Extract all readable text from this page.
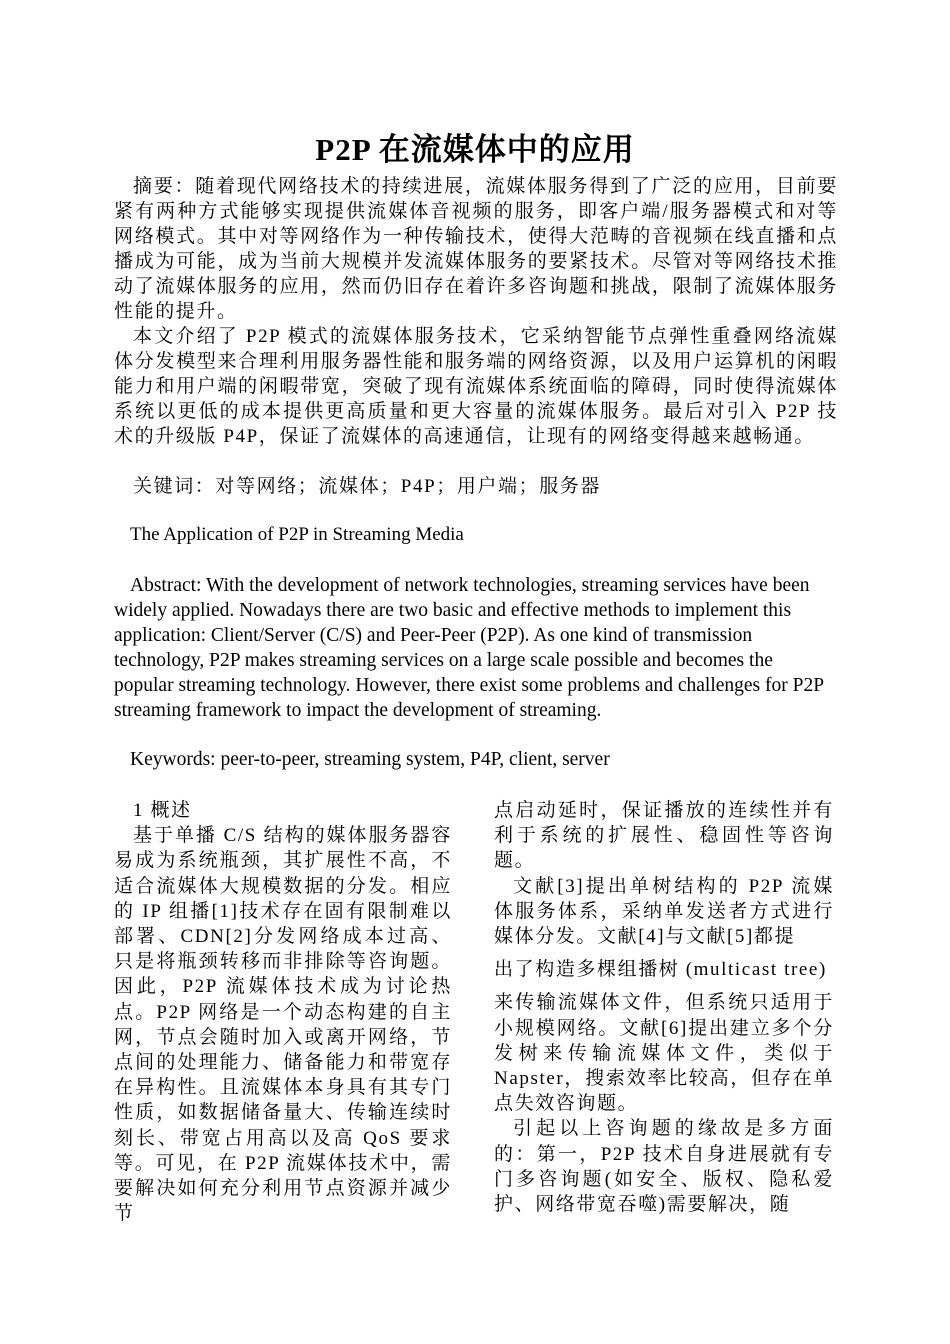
P2P 在流媒体中的应用

摘要：随着现代网络技术的持续进展，流媒体服务得到了广泛的应用，目前要紧有两种方式能够实现提供流媒体音视频的服务，即客户端/服务器模式和对等网络模式。其中对等网络作为一种传输技术，使得大范畴的音视频在线直播和点播成为可能，成为当前大规模并发流媒体服务的要紧技术。尽管对等网络技术推动了流媒体服务的应用，然而仍旧存在着许多咨询题和挑战，限制了流媒体服务性能的提升。

本文介绍了 P2P 模式的流媒体服务技术，它采纳智能节点弹性重叠网络流媒体分发模型来合理利用服务器性能和服务端的网络资源，以及用户运算机的闲暇能力和用户端的闲暇带宽，突破了现有流媒体系统面临的障碍，同时使得流媒体系统以更低的成本提供更高质量和更大容量的流媒体服务。最后对引入 P2P 技术的升级版 P4P，保证了流媒体的高速通信，让现有的网络变得越来越畅通。

关键词：对等网络；流媒体；P4P；用户端；服务器

The Application of P2P in Streaming Media

Abstract: With the development of network technologies, streaming services have been widely applied. Nowadays there are two basic and effective methods to implement this application: Client/Server (C/S) and Peer-Peer (P2P). As one kind of transmission technology, P2P makes streaming services on a large scale possible and becomes the popular streaming technology. However, there exist some problems and challenges for P2P streaming framework to impact the development of streaming.

Keywords: peer-to-peer, streaming system, P4P, client, server

1 概述

基于单播 C/S 结构的媒体服务器容易成为系统瓶颈，其扩展性不高，不适合流媒体大规模数据的分发。相应的 IP 组播[1]技术存在固有限制难以部署、CDN[2]分发网络成本过高、只是将瓶颈转移而非排除等咨询题。因此，P2P 流媒体技术成为讨论热点。P2P 网络是一个动态构建的自主网，节点会随时加入或离开网络，节点间的处理能力、储备能力和带宽存在异构性。且流媒体本身具有其专门性质，如数据储备量大、传输连续时刻长、带宽占用高以及高 QoS 要求等。可见，在 P2P 流媒体技术中，需要解决如何充分利用节点资源并减少节

点启动延时，保证播放的连续性并有利于系统的扩展性、稳固性等咨询题。

文献[3]提出单树结构的 P2P 流媒体服务体系，采纳单发送者方式进行媒体分发。文献[4]与文献[5]都提

出了构造多棵组播树 (multicast tree)

来传输流媒体文件，但系统只适用于小规模网络。文献[6]提出建立多个分发树来传输流媒体文件，类似于 Napster，搜索效率比较高，但存在单点失效咨询题。

引起以上咨询题的缘故是多方面的：第一，P2P 技术自身进展就有专门多咨询题(如安全、版权、隐私爱护、网络带宽吞噬)需要解决，随
